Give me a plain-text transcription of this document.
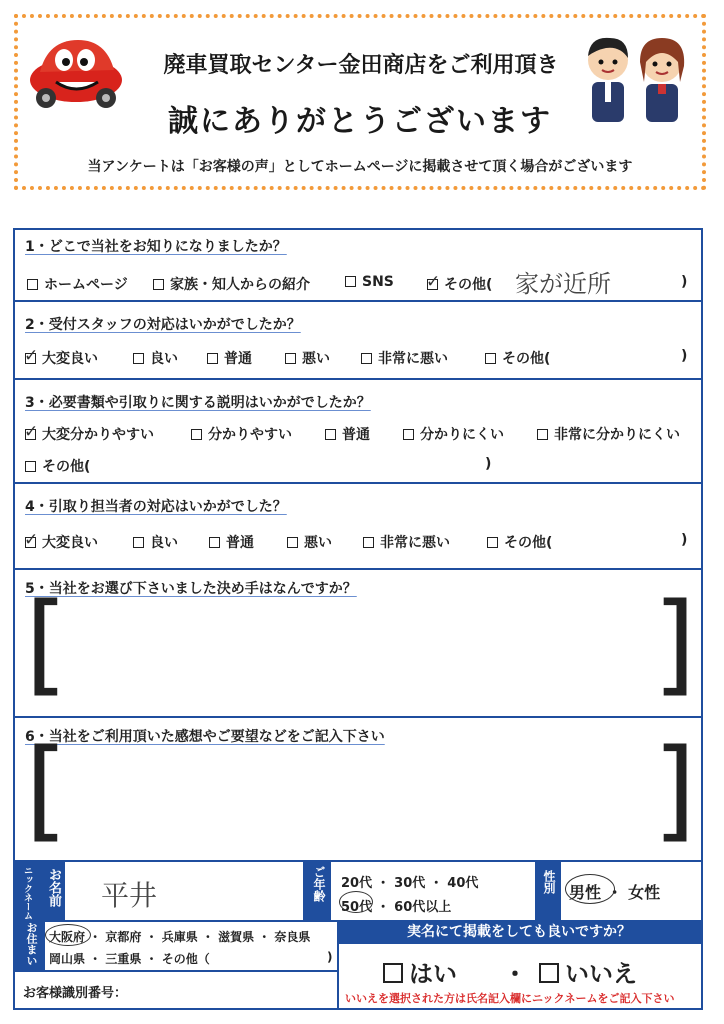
廃車買取センター金田商店をご利用頂き
誠にありがとうございます
当アンケートは「お客様の声」としてホームページに掲載させて頂く場合がございます
1・どこで当社をお知りになりましたか？
ホームページ	家族・知人からの紹介	SNS ✓ その他( 家が近所	)
2・受付スタッフの対応はいかがでしたか？
✓ 大変良い	良い	普通	悪い	非常に悪い	その他(	)
3・必要書類や引取りに関する説明はいかがでしたか？
✓ 大変分かりやすい	分かりやすい	普通	分かりにくい	非常に分かりにくい
その他(	)
4・引取り担当者の対応はいかがでした？
✓ 大変良い	良い	普通	悪い	非常に悪い	その他(	)
5・当社をお選び下さいました決め手はなんですか？
[	]
6・当社をご利用頂いた感想やご要望などをご記入下さい
[	]
ニックネーム お名前 平井	ご年齢 20代 ・ 30代 ・ 40代
50代 ・ 60代以上
性別 男性 ・ 女性
お住まい 大阪府 ・ 京都府 ・ 兵庫県 ・ 滋賀県 ・ 奈良県
岡山県 ・ 三重県 ・ その他（	)
実名にて掲載をしても良いですか？
はい ・	いいえ
いいえを選択された方は氏名記入欄にニックネームをご記入下さい
お客様識別番号：
